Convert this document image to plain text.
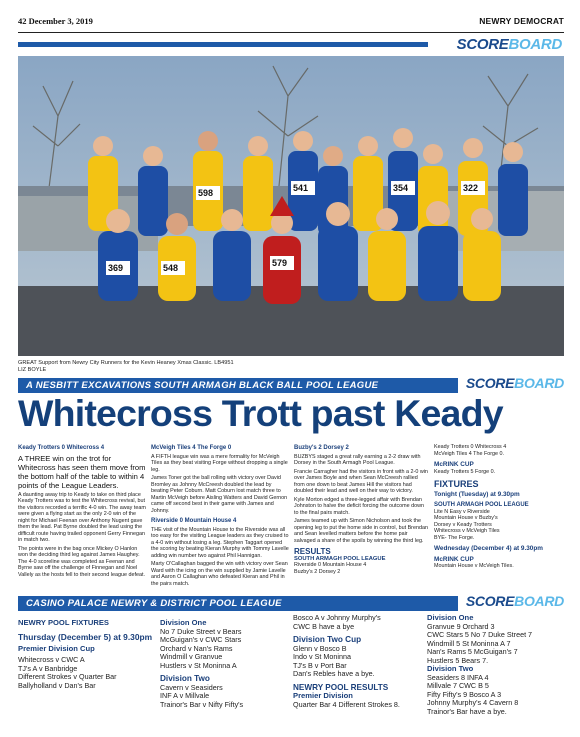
42 December 3, 2019	NEWRY DEMOCRAT
SCOREBOARD
369
598	541	354	322
579
548
GREAT Support from Newry City Runners for the Kevin Heaney Xmas Classic. LB4951
LIZ BOYLE
A NESBITT EXCAVATIONS SOUTH ARMAGH BLACK BALL POOL LEAGUE	SCOREBOARD
Whitecross Trott past Keady
Keady Trotters 0 Whitecross 4

A THREE win on the trot for Whitecross has seen them move from the bottom half of the table to within 4 points of the League Leaders.

A daunting away trip to Keady to take on third place Keady Trotters was to test the Whitecross revival, but the visitors recorded a terrific 4-0 win. The away team were given a flying start as the only 2-0 win of the night for Michael Feenan over Anthony Nugent gave them the lead. Pat Byrne doubled the lead using the difficult route having trailed opponent Gerry Finnegan in match two.

The points were in the bag once Mickey O Hanlon won the deciding third leg against James Haughey. The 4-0 scoreline was completed as Feenan and Byrne saw off the challenge of Finnegan and Noel Vallely as the hosts fell to their second league defeat.

McVeigh Tiles 4 The Forge 0

A FIFTH league win was a mere formality for McVeigh Tiles as they beat visiting Forge without dropping a single leg.

James Toner got the ball rolling with victory over David Bromley as Johnny McCreesh doubled the lead by beating Peter Coburn. Matt Coburn lost match three to Martin McVeigh before Aisling Watters and David Gernon came off second best in their game with James and Johnny.

Riverside 0 Mountain House 4

THE visit of the Mountain House to the Riverside was all too easy for the visiting League leaders as they cruised to a 4-0 win without losing a leg. Stephen Taggart opened the scoring by beating Kieran Murphy with Tommy Lavelle adding win number two against Phil Hannigan.

Marty O'Callaghan bagged the win with victory over Sean Ward with the icing on the win supplied by Jamie Lavelle and Aaron O Callaghan who defeated Kieran and Phil in the pairs match.

Buzby's 2 Dorsey 2

BUZBYS staged a great rally earning a 2-2 draw with Dorsey in the South Armagh Pool League.

Francie Carragher had the visitors in front with a 2-0 win over James Boyle and when Sean McCreesh rallied from one down to beat James Hill the visitors had doubled their lead and well on their way to victory.

Kyle Morton edged a three-legged affair with Brendan Johnston to halve the deficit forcing the outcome down to the final pairs match.

James teamed up with Simon Nicholson and took the opening leg to put the home side in control, but Brendan and Sean levelled matters before the home pair salvaged a share of the spoils by winning the third leg.

RESULTS
SOUTH ARMAGH POOL LEAGUE

Riverside 0 Mountain House 4

Buzby's 2 Dorsey 2

Keady Trotters 0 Whitecross 4

McVeigh Tiles 4 The Forge 0.

McRINK CUP

Keady Trotters 5 Forge 0.

FIXTURES
Tonight (Tuesday) at 9.30pm
SOUTH ARMAGH POOL LEAGUE

Lite N Easy v Riverside

Mountain House v Buzby's

Dorsey v Keady Trotters

Whitecross v McVeigh Tiles

BYE- The Forge.

Wednesday (December 4) at 9.30pm
McRINK CUP

Mountain House v McVeigh Tiles.

CASINO PALACE NEWRY & DISTRICT POOL LEAGUE	SCOREBOARD
NEWRY POOL FIXTURES
Thursday (December 5) at 9.30pm
Premier Division Cup
Whitecross v CWC A
TJ's A v Banbridge
Different Strokes v Quarter Bar
Ballyholland v Dan's Bar
Division One
No 7 Duke Street v Bears
McGuigan's v CWC Stars
Orchard v Nan's Rams
Windmill v Granvue
Hustlers v St Moninna A
Division Two
Cavern v Seasiders
INF A v Millvale
Trainor's Bar v Nifty Fifty's
Bosco A v Johnny Murphy's
CWC B have a bye
Division Two Cup
Glenn v Bosco B
Indo v St Moninna
TJ's B v Port Bar
Dan's Rebles have a bye.
NEWRY POOL RESULTS
Premier Division
Quarter Bar 4 Different Strokes 8.
Division One
Granvue 9 Orchard 3
CWC Stars 5 No 7 Duke Street 7
Windmill 5 St Moninna A 7
Nan's Rams 5 McGuigan's 7
Hustlers 5 Bears 7.
Division Two
Seasiders 8 INFA 4
Millvale 7 CWC B 5
Fifty Fifty's 9 Bosco A 3
Johnny Murphy's 4 Cavern 8
Trainor's Bar have a bye.
